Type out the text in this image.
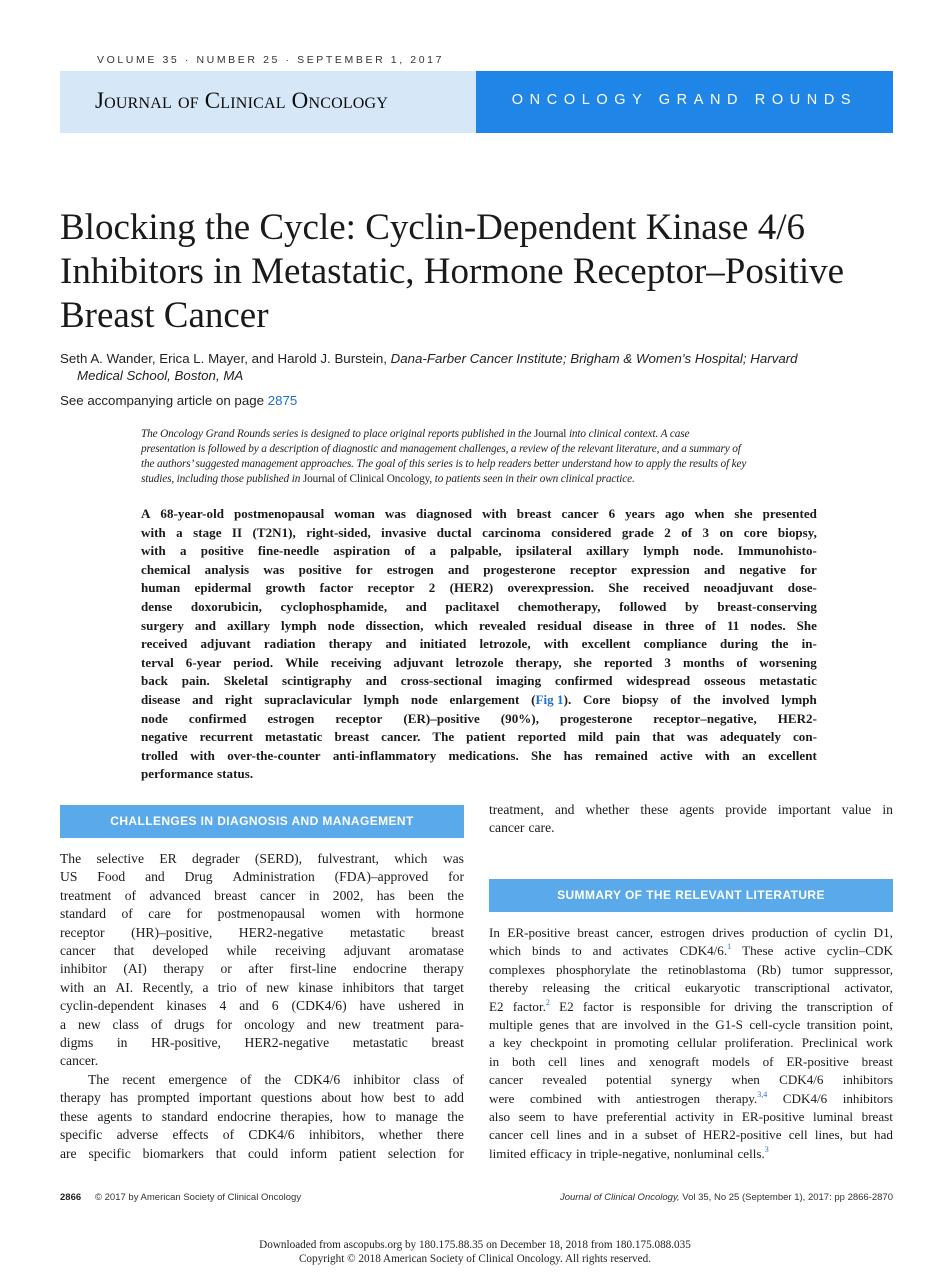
VOLUME 35 · NUMBER 25 · SEPTEMBER 1, 2017
Journal of Clinical Oncology	ONCOLOGY GRAND ROUNDS
Blocking the Cycle: Cyclin-Dependent Kinase 4/6
Inhibitors in Metastatic, Hormone Receptor–Positive
Breast Cancer
Seth A. Wander, Erica L. Mayer, and Harold J. Burstein, Dana-Farber Cancer Institute; Brigham & Women’s Hospital; Harvard
Medical School, Boston, MA
See accompanying article on page 2875
The Oncology Grand Rounds series is designed to place original reports published in the Journal into clinical context. A case
presentation is followed by a description of diagnostic and management challenges, a review of the relevant literature, and a summary of
the authors’ suggested management approaches. The goal of this series is to help readers better understand how to apply the results of key
studies, including those published in Journal of Clinical Oncology, to patients seen in their own clinical practice.
A 68-year-old postmenopausal woman was diagnosed with breast cancer 6 years ago when she presented
with a stage II (T2N1), right-sided, invasive ductal carcinoma considered grade 2 of 3 on core biopsy,
with a positive fine-needle aspiration of a palpable, ipsilateral axillary lymph node. Immunohisto-
chemical analysis was positive for estrogen and progesterone receptor expression and negative for
human epidermal growth factor receptor 2 (HER2) overexpression. She received neoadjuvant dose-
dense doxorubicin, cyclophosphamide, and paclitaxel chemotherapy, followed by breast-conserving
surgery and axillary lymph node dissection, which revealed residual disease in three of 11 nodes. She
received adjuvant radiation therapy and initiated letrozole, with excellent compliance during the in-
terval 6-year period. While receiving adjuvant letrozole therapy, she reported 3 months of worsening
back pain. Skeletal scintigraphy and cross-sectional imaging confirmed widespread osseous metastatic
disease and right supraclavicular lymph node enlargement (Fig 1). Core biopsy of the involved lymph
node confirmed estrogen receptor (ER)–positive (90%), progesterone receptor–negative, HER2-
negative recurrent metastatic breast cancer. The patient reported mild pain that was adequately con-
trolled with over-the-counter anti-inflammatory medications. She has remained active with an excellent
performance status.
CHALLENGES IN DIAGNOSIS AND MANAGEMENT
SUMMARY OF THE RELEVANT LITERATURE
The selective ER degrader (SERD), fulvestrant, which was
US Food and Drug Administration (FDA)–approved for
treatment of advanced breast cancer in 2002, has been the
standard of care for postmenopausal women with hormone
receptor (HR)–positive, HER2-negative metastatic breast
cancer that developed while receiving adjuvant aromatase
inhibitor (AI) therapy or after first-line endocrine therapy
with an AI. Recently, a trio of new kinase inhibitors that target
cyclin-dependent kinases 4 and 6 (CDK4/6) have ushered in
a new class of drugs for oncology and new treatment para-
digms in HR-positive, HER2-negative metastatic breast
cancer.
The recent emergence of the CDK4/6 inhibitor class of
therapy has prompted important questions about how best to add
these agents to standard endocrine therapies, how to manage the
specific adverse effects of CDK4/6 inhibitors, whether there
are specific biomarkers that could inform patient selection for
treatment, and whether these agents provide important value in
cancer care.
In ER-positive breast cancer, estrogen drives production of cyclin D1,
which binds to and activates CDK4/6.$^1$ These active cyclin–CDK
complexes phosphorylate the retinoblastoma (Rb) tumor suppressor,
thereby releasing the critical eukaryotic transcriptional activator,
E2 factor.$^2$ E2 factor is responsible for driving the transcription of
multiple genes that are involved in the G1-S cell-cycle transition point,
a key checkpoint in promoting cellular proliferation. Preclinical work
in both cell lines and xenograft models of ER-positive breast
cancer revealed potential synergy when CDK4/6 inhibitors
were combined with antiestrogen therapy.$^{3,4}$ CDK4/6 inhibitors
also seem to have preferential activity in ER-positive luminal breast
cancer cell lines and in a subset of HER2-positive cell lines, but had
limited efficacy in triple-negative, nonluminal cells.$^3$
2866 © 2017 by American Society of Clinical Oncology	Journal of Clinical Oncology, Vol 35, No 25 (September 1), 2017: pp 2866-2870
Downloaded from ascopubs.org by 180.175.88.35 on December 18, 2018 from 180.175.088.035
Copyright © 2018 American Society of Clinical Oncology. All rights reserved.
